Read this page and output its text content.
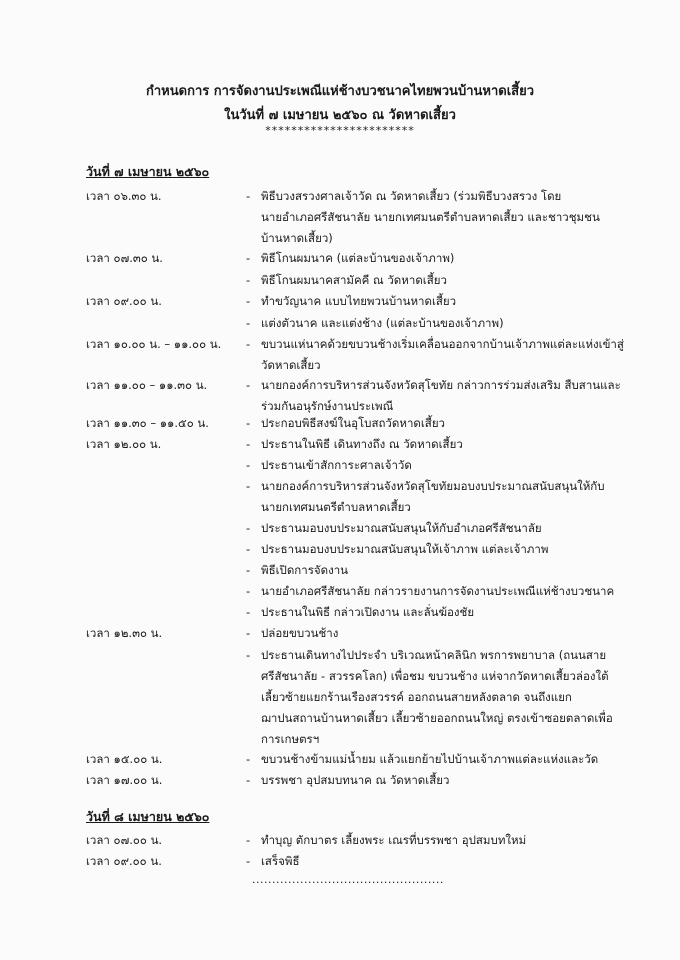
กำหนดการ การจัดงานประเพณีแห่ช้างบวชนาคไทยพวนบ้านหาดเสี้ยว
ในวันที่ ๗ เมษายน ๒๕๖๐ ณ วัดหาดเสี้ยว
***********************
วันที่ ๗ เมษายน ๒๕๖๐
เวลา ๐๖.๓๐ น.	- พิธีบวงสรวงศาลเจ้าวัด ณ วัดหาดเสี้ยว (ร่วมพิธีบวงสรวง โดย
นายอำเภอศรีสัชนาลัย นายกเทศมนตรีตำบลหาดเสี้ยว และชาวชุมชน
บ้านหาดเสี้ยว)
เวลา ๐๗.๓๐ น.	- พิธีโกนผมนาค (แต่ละบ้านของเจ้าภาพ)
- พิธีโกนผมนาคสามัคคี ณ วัดหาดเสี้ยว
เวลา ๐๙.๐๐ น.	- ทำขวัญนาค แบบไทยพวนบ้านหาดเสี้ยว
- แต่งตัวนาค และแต่งช้าง (แต่ละบ้านของเจ้าภาพ)
เวลา ๑๐.๐๐ น. – ๑๑.๐๐ น.	- ขบวนแห่นาคด้วยขบวนช้างเริ่มเคลื่อนออกจากบ้านเจ้าภาพแต่ละแห่งเข้าสู่
วัดหาดเสี้ยว
เวลา ๑๑.๐๐ – ๑๑.๓๐ น.	- นายกองค์การบริหารส่วนจังหวัดสุโขทัย กล่าวการร่วมส่งเสริม สืบสานและ
ร่วมกันอนุรักษ์งานประเพณี
เวลา ๑๑.๓๐ – ๑๑.๕๐ น.	- ประกอบพิธีสงฆ์ในอุโบสถวัดหาดเสี้ยว
เวลา ๑๒.๐๐ น.	- ประธานในพิธี เดินทางถึง ณ วัดหาดเสี้ยว
- ประธานเข้าสักการะศาลเจ้าวัด
- นายกองค์การบริหารส่วนจังหวัดสุโขทัยมอบงบประมาณสนับสนุนให้กับ
นายกเทศมนตรีตำบลหาดเสี้ยว
- ประธานมอบงบประมาณสนับสนุนให้กับอำเภอศรีสัชนาลัย
- ประธานมอบงบประมาณสนับสนุนให้เจ้าภาพ แต่ละเจ้าภาพ
- พิธีเปิดการจัดงาน
- นายอำเภอศรีสัชนาลัย กล่าวรายงานการจัดงานประเพณีแห่ช้างบวชนาค
- ประธานในพิธี กล่าวเปิดงาน และลั่นฆ้องชัย
เวลา ๑๒.๓๐ น.	- ปล่อยขบวนช้าง
- ประธานเดินทางไปประจำ บริเวณหน้าคลินิก พรการพยาบาล (ถนนสาย
ศรีสัชนาลัย - สวรรคโลก) เพื่อชม ขบวนช้าง แห่จากวัดหาดเสี้ยวล่องใต้
เลี้ยวซ้ายแยกร้านเรืองสวรรค์ ออกถนนสายหลังตลาด จนถึงแยก
ฌาปนสถานบ้านหาดเสี้ยว เลี้ยวซ้ายออกถนนใหญ่ ตรงเข้าซอยตลาดเพื่อ
การเกษตรฯ
เวลา ๑๕.๐๐ น.	- ขบวนช้างข้ามแม่น้ำยม แล้วแยกย้ายไปบ้านเจ้าภาพแต่ละแห่งและวัด
เวลา ๑๗.๐๐ น.	- บรรพชา อุปสมบทนาค ณ วัดหาดเสี้ยว
วันที่ ๘ เมษายน ๒๕๖๐
เวลา ๐๗.๐๐ น.	- ทำบุญ ตักบาตร เลี้ยงพระ เณรที่บรรพชา อุปสมบทใหม่
เวลา ๐๙.๐๐ น.	- เสร็จพิธี
................................................
